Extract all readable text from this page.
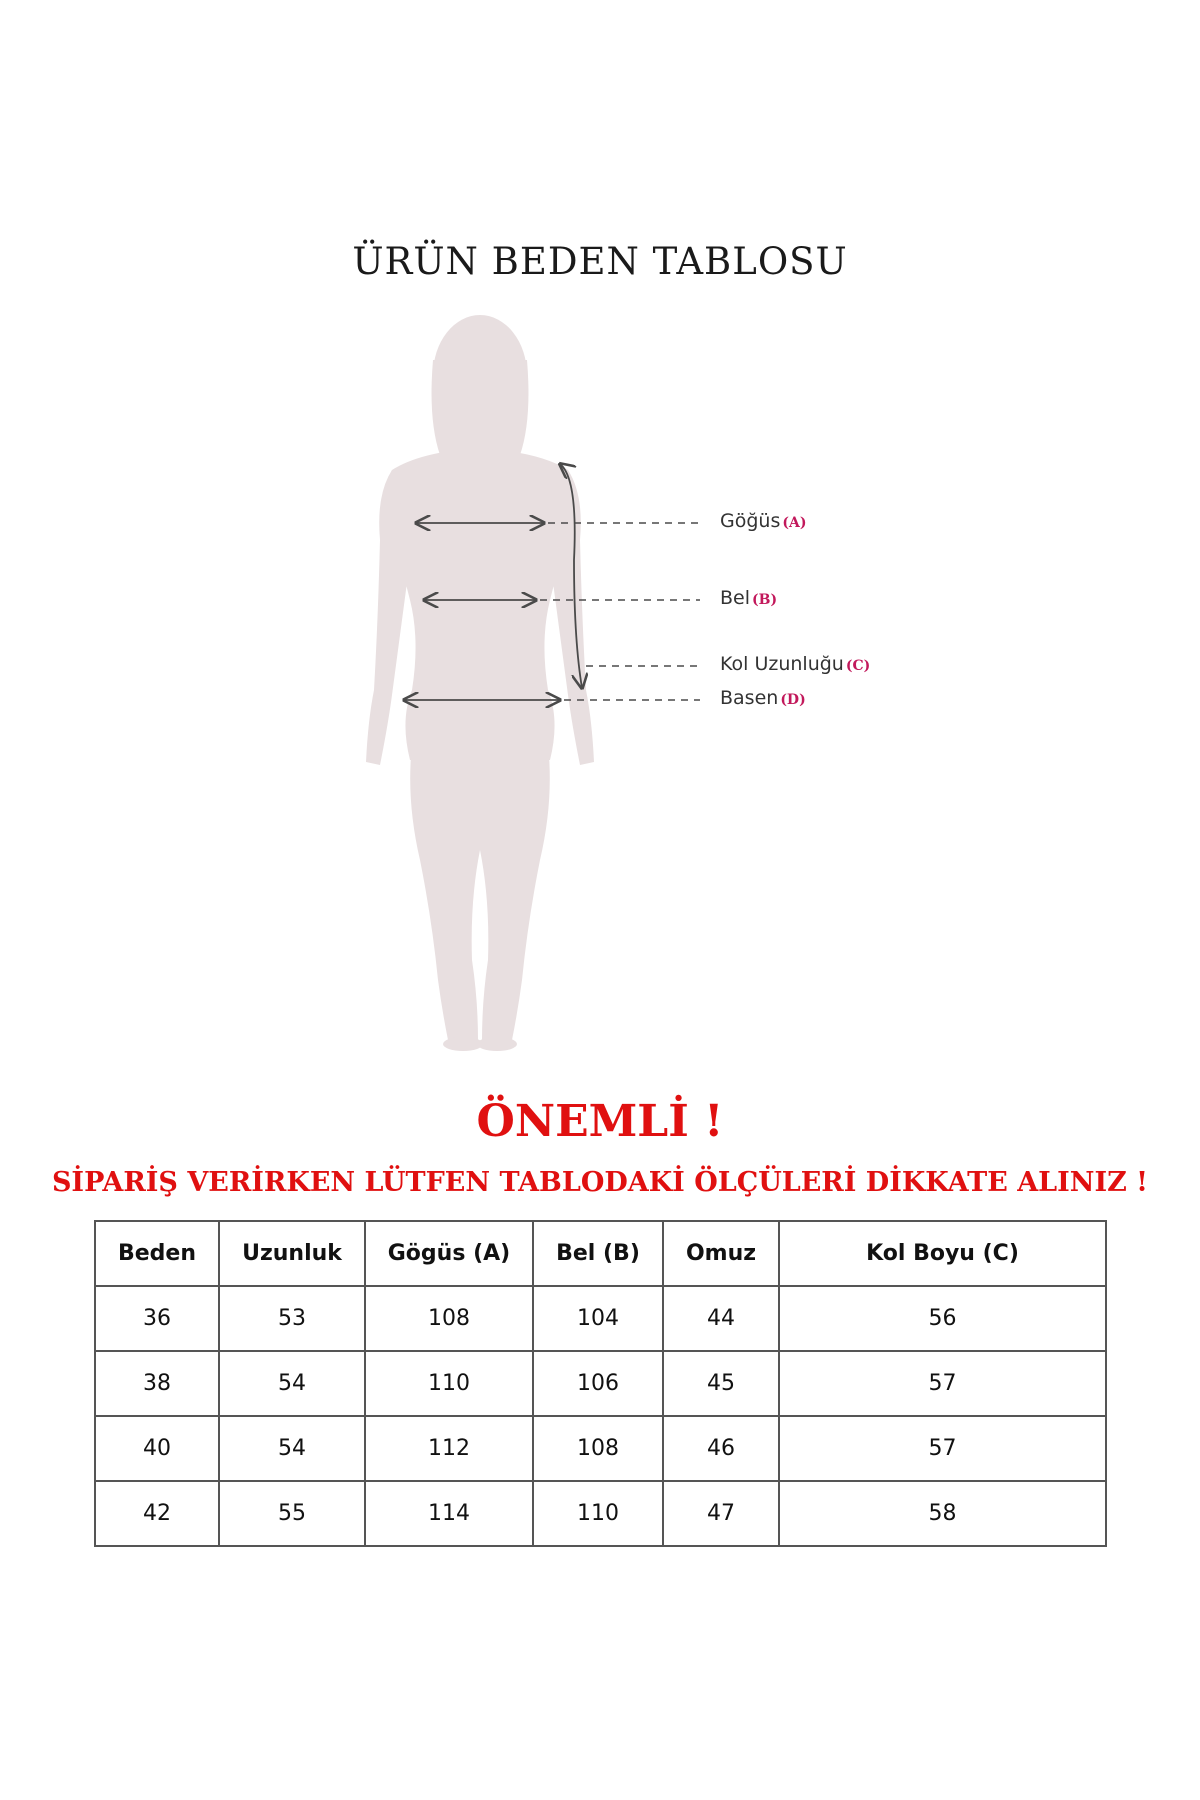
ÜRÜN BEDEN TABLOSU
Göğüs (A)
Bel (B)
Kol Uzunluğu (C)
Basen (D)
ÖNEMLİ !

SİPARİŞ VERİRKEN LÜTFEN TABLODAKİ ÖLÇÜLERİ DİKKATE ALINIZ !

Beden	Uzunluk	Gögüs (A)	Bel (B)	Omuz	Kol Boyu (C)
36	53	108	104	44	56
38	54	110	106	45	57
40	54	112	108	46	57
42	55	114	110	47	58
